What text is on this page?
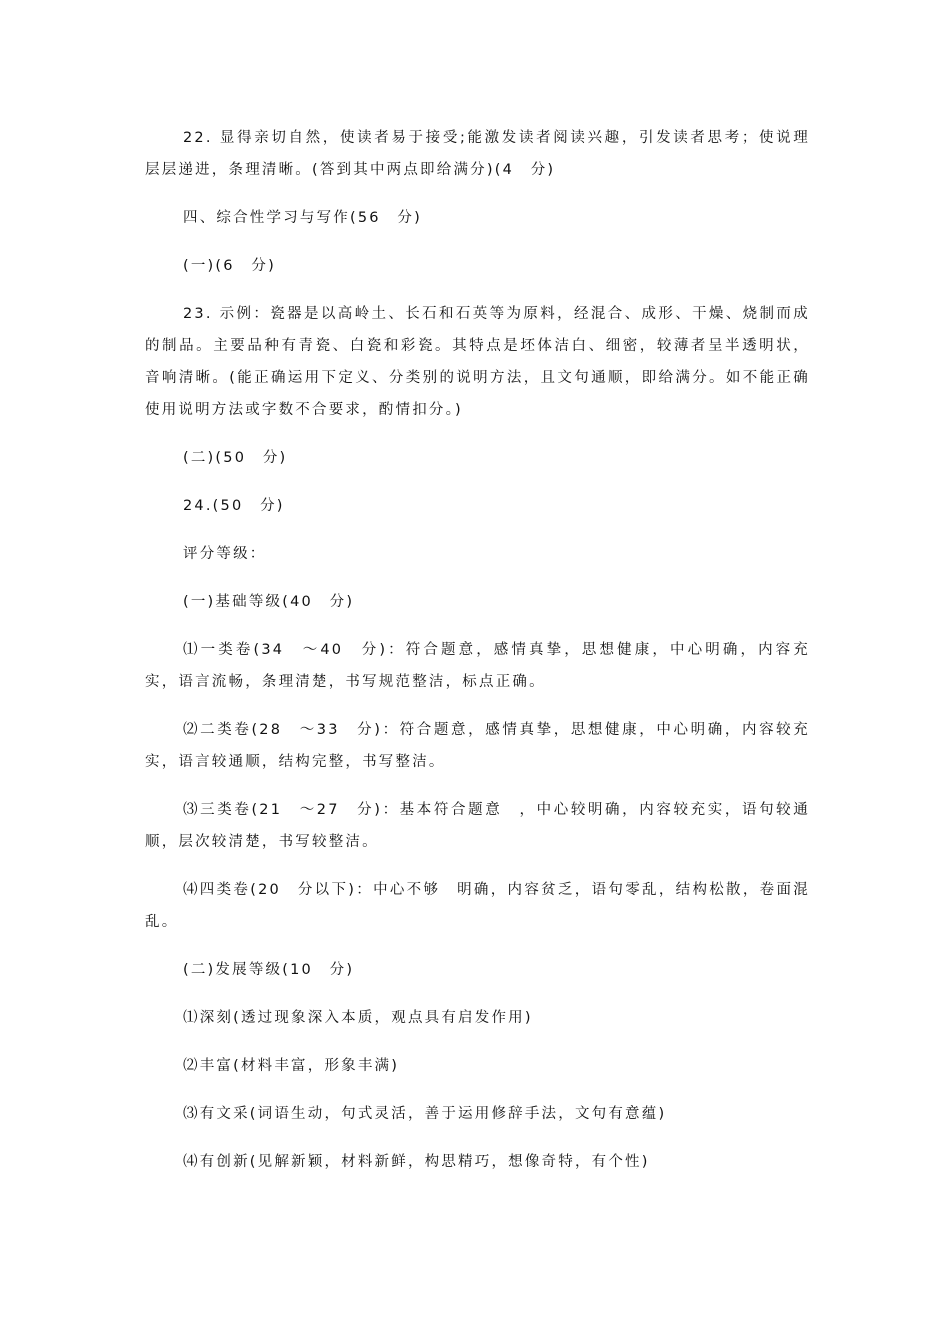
22. 显得亲切自然，使读者易于接受;能激发读者阅读兴趣，引发读者思考；使说理层层递进，条理清晰。(答到其中两点即给满分)(4　分)

四、综合性学习与写作(56　分)

(一)(6　分)

23. 示例：瓷器是以高岭土、长石和石英等为原料，经混合、成形、干燥、烧制而成的制品。主要品种有青瓷、白瓷和彩瓷。其特点是坯体洁白、细密，较薄者呈半透明状，音响清晰。(能正确运用下定义、分类别的说明方法，且文句通顺，即给满分。如不能正确使用说明方法或字数不合要求，酌情扣分。)

(二)(50　分)

24.(50　分)

评分等级：

(一)基础等级(40　分)

⑴一类卷(34　～40　分)：符合题意，感情真挚，思想健康，中心明确，内容充实，语言流畅，条理清楚，书写规范整洁，标点正确。

⑵二类卷(28　～33　分)：符合题意，感情真挚，思想健康，中心明确，内容较充实，语言较通顺，结构完整，书写整洁。

⑶三类卷(21　～27　分)：基本符合题意　，中心较明确，内容较充实，语句较通顺，层次较清楚，书写较整洁。

⑷四类卷(20　分以下)：中心不够　明确，内容贫乏，语句零乱，结构松散，卷面混乱。

(二)发展等级(10　分)

⑴深刻(透过现象深入本质，观点具有启发作用)

⑵丰富(材料丰富，形象丰满)

⑶有文采(词语生动，句式灵活，善于运用修辞手法，文句有意蕴)

⑷有创新(见解新颖，材料新鲜，构思精巧，想像奇特，有个性)
